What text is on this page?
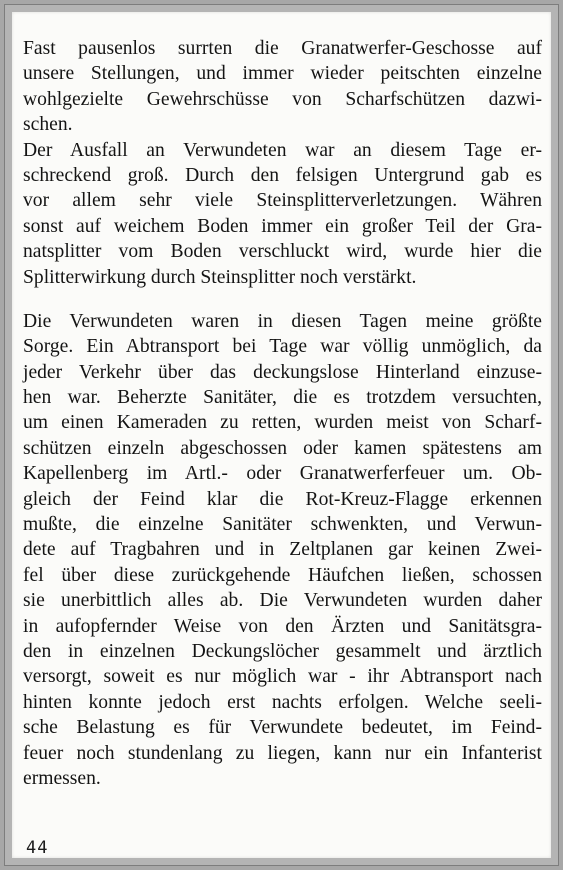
Fast pausenlos surrten die Granatwerfer-Geschosse auf
unsere Stellungen, und immer wieder peitschten einzelne
wohlgezielte Gewehrschüsse von Scharfschützen dazwi-
schen.
Der Ausfall an Verwundeten war an diesem Tage er-
schreckend groß. Durch den felsigen Untergrund gab es
vor allem sehr viele Steinsplitterverletzungen. Währen
sonst auf weichem Boden immer ein großer Teil der Gra-
natsplitter vom Boden verschluckt wird, wurde hier die
Splitterwirkung durch Steinsplitter noch verstärkt.
Die Verwundeten waren in diesen Tagen meine größte
Sorge. Ein Abtransport bei Tage war völlig unmöglich, da
jeder Verkehr über das deckungslose Hinterland einzuse-
hen war. Beherzte Sanitäter, die es trotzdem versuchten,
um einen Kameraden zu retten, wurden meist von Scharf-
schützen einzeln abgeschossen oder kamen spätestens am
Kapellenberg im Artl.- oder Granatwerferfeuer um. Ob-
gleich der Feind klar die Rot-Kreuz-Flagge erkennen
mußte, die einzelne Sanitäter schwenkten, und Verwun-
dete auf Tragbahren und in Zeltplanen gar keinen Zwei-
fel über diese zurückgehende Häufchen ließen, schossen
sie unerbittlich alles ab. Die Verwundeten wurden daher
in aufopfernder Weise von den Ärzten und Sanitätsgra-
den in einzelnen Deckungslöcher gesammelt und ärztlich
versorgt, soweit es nur möglich war - ihr Abtransport nach
hinten konnte jedoch erst nachts erfolgen. Welche seeli-
sche Belastung es für Verwundete bedeutet, im Feind-
feuer noch stundenlang zu liegen, kann nur ein Infanterist
ermessen.
44
